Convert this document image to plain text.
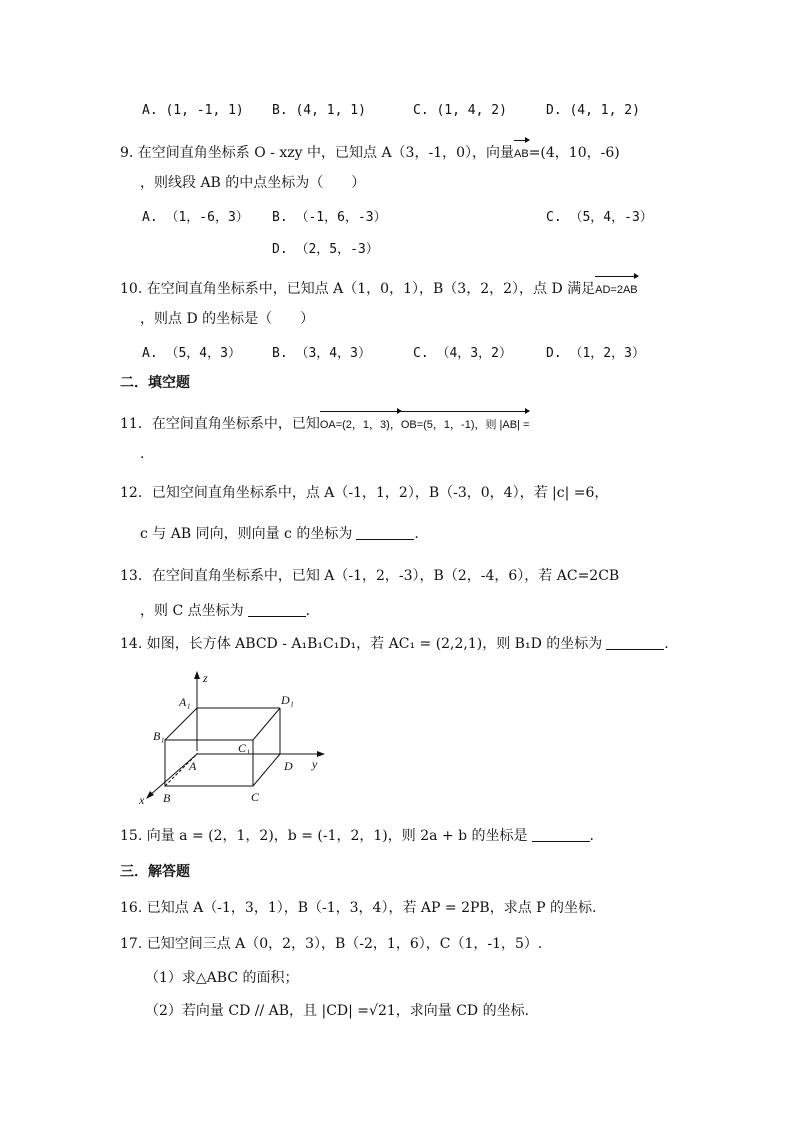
A. (1, -1, 1) B. (4, 1, 1)	C. (1, 4, 2)	D. (4, 1, 2)
9. 在空间直角坐标系 O - xzy 中，已知点 A（3，-1，0），向量AB=(4，10，-6)
，则线段 AB 的中点坐标为（　　）
A. （1，-6，3） B. （-1，6，-3）	C. （5，4，-3）
D. （2，5，-3）
10. 在空间直角坐标系中，已知点 A（1，0，1），B（3，2，2），点 D 满足AD=2AB
，则点 D 的坐标是（　　）
A. （5，4，3） B. （3，4，3）	C. （4，3，2）	D. （1，2，3）
二．填空题
11．在空间直角坐标系中，已知OA=(2，1，3)，OB=(5，1，-1)，则 |AB| =
.
12．已知空间直角坐标系中，点 A（-1，1，2），B（-3，0，4），若 |c| =6，
c 与 AB 同向，则向量 c 的坐标为	.
13．在空间直角坐标系中，已知 A（-1，2，-3），B（2，-4，6），若 AC=2CB
，则 C 点坐标为	.
14. 如图，长方体 ABCD - A₁B₁C₁D₁，若 AC₁ = (2,2,1)，则 B₁D 的坐标为	.
z
y
x
A₁	D₁
B₁
C₁
A	D
B	C
15. 向量 a = (2，1，2)，b = (-1，2，1)，则 2a + b 的坐标是	.
三．解答题
16. 已知点 A（-1，3，1），B（-1，3，4），若 AP = 2PB，求点 P 的坐标.
17. 已知空间三点 A（0，2，3），B（-2，1，6），C（1，-1，5）.
（1）求△ABC 的面积；
（2）若向量 CD // AB，且 |CD| =√21，求向量 CD 的坐标.
